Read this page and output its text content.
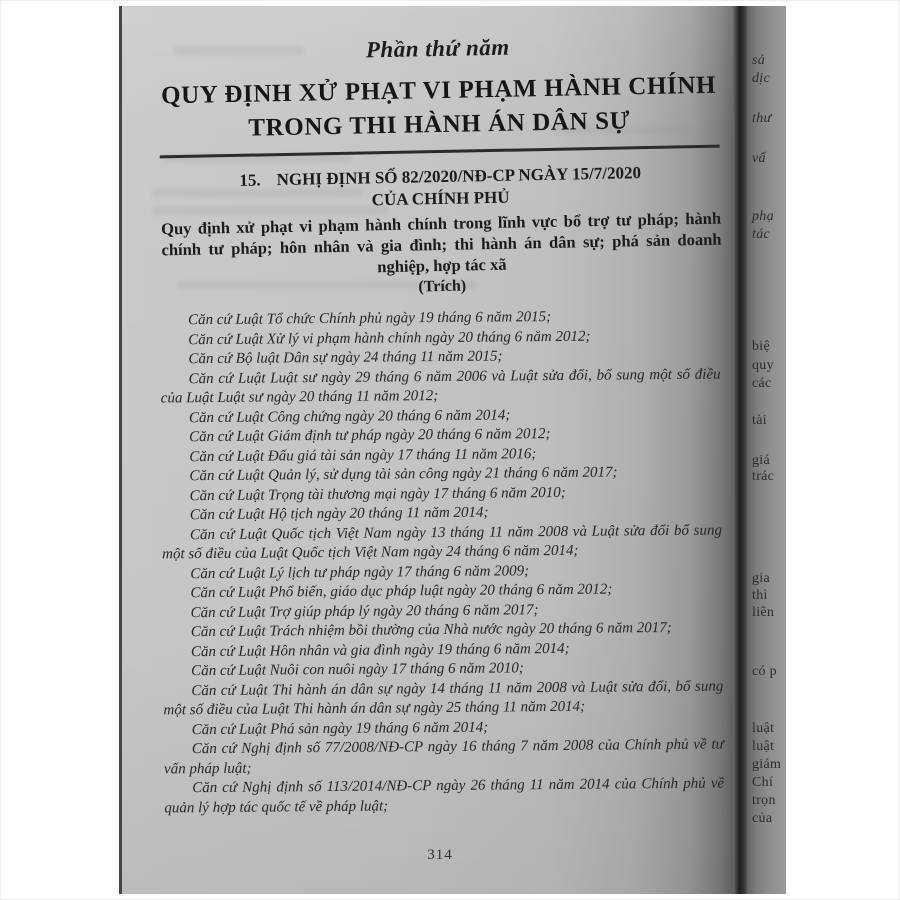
Phần thứ năm
QUY ĐỊNH XỬ PHẠT VI PHẠM HÀNH CHÍNH
TRONG THI HÀNH ÁN DÂN SỰ
15. NGHỊ ĐỊNH SỐ 82/2020/NĐ-CP NGÀY 15/7/2020
CỦA CHÍNH PHỦ
Quy định xử phạt vi phạm hành chính trong lĩnh vực bổ trợ tư pháp; hành chính tư pháp; hôn nhân và gia đình; thi hành án dân sự; phá sản doanh nghiệp, hợp tác xã
(Trích)

Căn cứ Luật Tổ chức Chính phủ ngày 19 tháng 6 năm 2015;

Căn cứ Luật Xử lý vi phạm hành chính ngày 20 tháng 6 năm 2012;

Căn cứ Bộ luật Dân sự ngày 24 tháng 11 năm 2015;

Căn cứ Luật Luật sư ngày 29 tháng 6 năm 2006 và Luật sửa đổi, bổ sung một số điều của Luật Luật sư ngày 20 tháng 11 năm 2012;

Căn cứ Luật Công chứng ngày 20 tháng 6 năm 2014;

Căn cứ Luật Giám định tư pháp ngày 20 tháng 6 năm 2012;

Căn cứ Luật Đấu giá tài sản ngày 17 tháng 11 năm 2016;

Căn cứ Luật Quản lý, sử dụng tài sản công ngày 21 tháng 6 năm 2017;

Căn cứ Luật Trọng tài thương mại ngày 17 tháng 6 năm 2010;

Căn cứ Luật Hộ tịch ngày 20 tháng 11 năm 2014;

Căn cứ Luật Quốc tịch Việt Nam ngày 13 tháng 11 năm 2008 và Luật sửa đổi bổ sung một số điều của Luật Quốc tịch Việt Nam ngày 24 tháng 6 năm 2014;

Căn cứ Luật Lý lịch tư pháp ngày 17 tháng 6 năm 2009;

Căn cứ Luật Phổ biến, giáo dục pháp luật ngày 20 tháng 6 năm 2012;

Căn cứ Luật Trợ giúp pháp lý ngày 20 tháng 6 năm 2017;

Căn cứ Luật Trách nhiệm bồi thường của Nhà nước ngày 20 tháng 6 năm 2017;

Căn cứ Luật Hôn nhân và gia đình ngày 19 tháng 6 năm 2014;

Căn cứ Luật Nuôi con nuôi ngày 17 tháng 6 năm 2010;

Căn cứ Luật Thi hành án dân sự ngày 14 tháng 11 năm 2008 và Luật sửa đổi, bổ sung một số điều của Luật Thi hành án dân sự ngày 25 tháng 11 năm 2014;

Căn cứ Luật Phá sản ngày 19 tháng 6 năm 2014;

Căn cứ Nghị định số 77/2008/NĐ-CP ngày 16 tháng 7 năm 2008 của Chính phủ về tư vấn pháp luật;

Căn cứ Nghị định số 113/2014/NĐ-CP ngày 26 tháng 11 năm 2014 của Chính phủ về quản lý hợp tác quốc tế về pháp luật;

314
sả
dịc
thư
vấ
phạ
tác
biệ
quy
các
tài
giá
trác
gia
thì
liên
có p
luật
luật
giám
Chí
trọn
của
